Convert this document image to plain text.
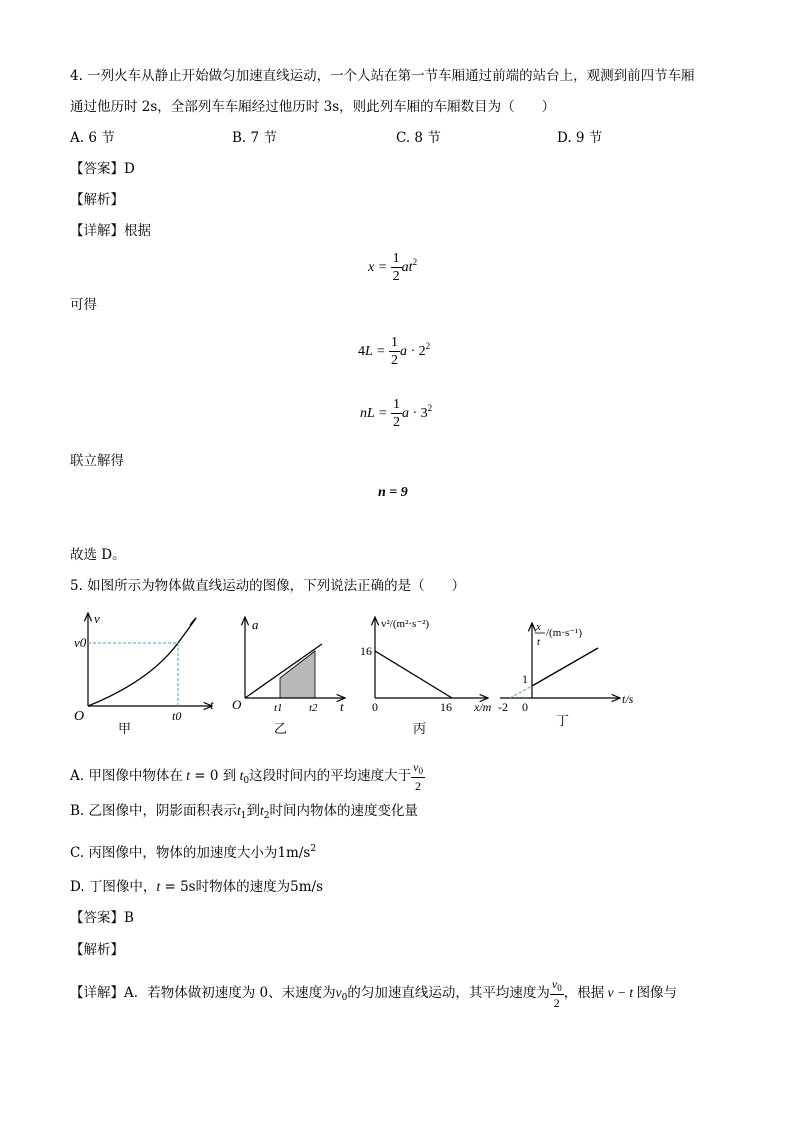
4. 一列火车从静止开始做匀加速直线运动，一个人站在第一节车厢通过前端的站台上，观测到前四节车厢
通过他历时 2s，全部列车车厢经过他历时 3s，则此列车厢的车厢数目为（　　）
A. 6 节	B. 7 节	C. 8 节	D. 9 节
【答案】D
【解析】
【详解】根据
$x = \frac{1}{2} at^2$
可得
$4L = \frac{1}{2}$ $a \cdot 2^2$
nL = $\frac{1}{2}$ $a \cdot 3^2$
联立解得
n = 9
故选 D。
5. 如图所示为物体做直线运动的图像，下列说法正确的是（　　）
v
v0
O	t0
t
甲
a
O	t1 t2 t
乙
v²/(m²·s⁻²)
16
0	16 x/m
丙
x
t
/(m·s⁻¹)
1
-2 0
t/s
丁
A. 甲图像中物体在 t = 0 到 $t_0$这段时间内的平均速度大于 $\frac{v_0}{2}$
B. 乙图像中，阴影面积表示$t_1$到$t_2$时间内物体的速度变化量
C. 丙图像中，物体的加速度大小为$1m/s^2$
D. 丁图像中，t = 5s时物体的速度为5m/s
【答案】B
【解析】
【详解】A．若物体做初速度为 0、末速度为$v_0$的匀加速直线运动，其平均速度为 $\frac{v_0}{2}$ ，根据 v − t 图像与
